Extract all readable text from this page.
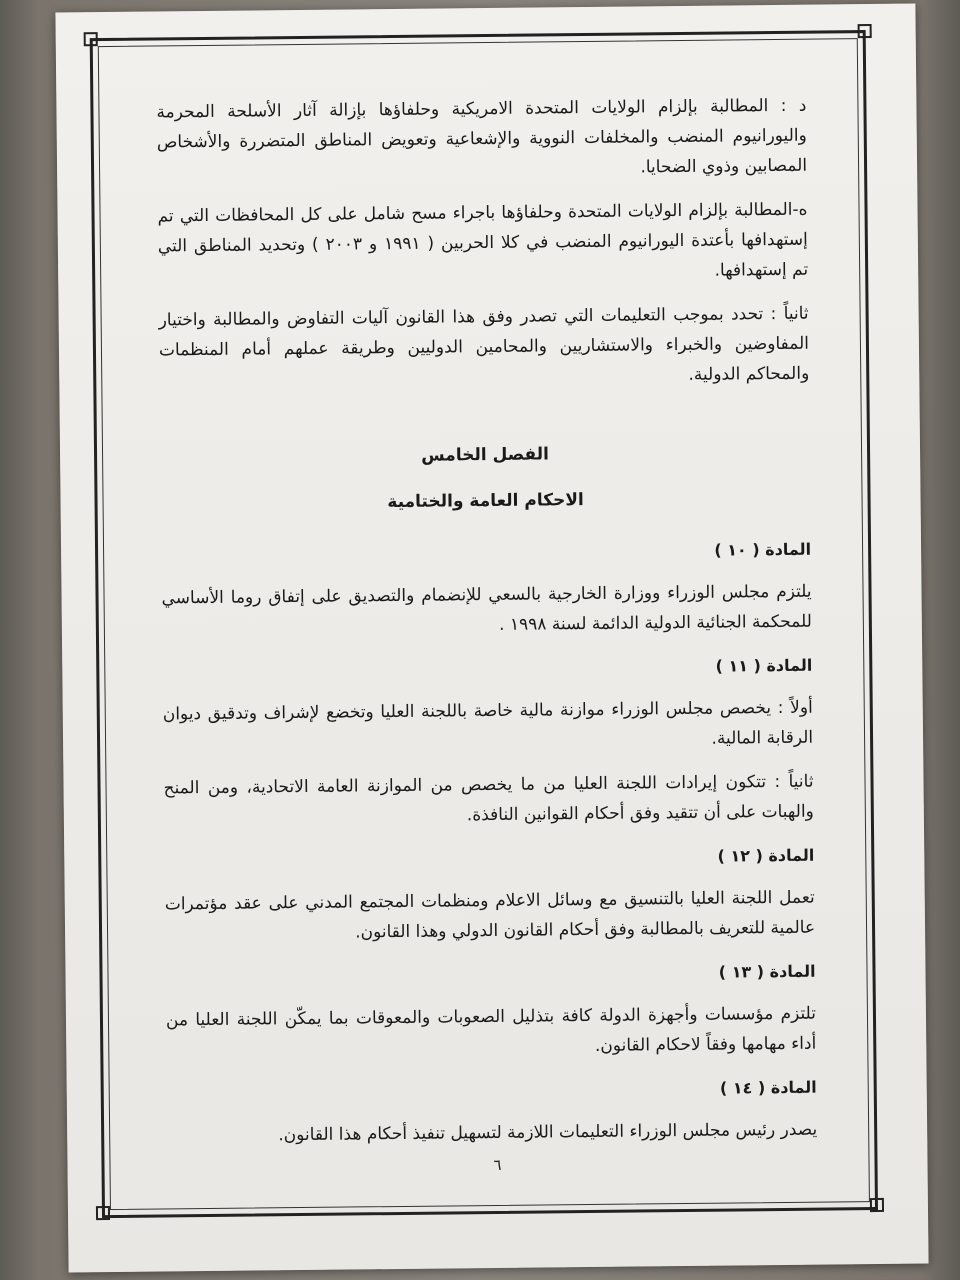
د : المطالبة بإلزام الولايات المتحدة الامريكية وحلفاؤها بإزالة آثار الأسلحة المحرمة واليورانيوم المنضب والمخلفات النووية والإشعاعية وتعويض المناطق المتضررة والأشخاص المصابين وذوي الضحايا.

ه-المطالبة بإلزام الولايات المتحدة وحلفاؤها باجراء مسح شامل على كل المحافظات التي تم إستهدافها بأعتدة اليورانيوم المنضب في كلا الحربين ( ١٩٩١ و ٢٠٠٣ ) وتحديد المناطق التي تم إستهدافها.

ثانياً : تحدد بموجب التعليمات التي تصدر وفق هذا القانون آليات التفاوض والمطالبة واختيار المفاوضين والخبراء والاستشاريين والمحامين الدوليين وطريقة عملهم أمام المنظمات والمحاكم الدولية.

الفصل الخامس

الاحكام العامة والختامية

المادة ( ١٠ )

يلتزم مجلس الوزراء ووزارة الخارجية بالسعي للإنضمام والتصديق على إتفاق روما الأساسي للمحكمة الجنائية الدولية الدائمة لسنة ١٩٩٨ .

المادة ( ١١ )

أولاً : يخصص مجلس الوزراء موازنة مالية خاصة باللجنة العليا وتخضع لإشراف وتدقيق ديوان الرقابة المالية.

ثانياً : تتكون إيرادات اللجنة العليا من ما يخصص من الموازنة العامة الاتحادية، ومن المنح والهبات على أن تتقيد وفق أحكام القوانين النافذة.

المادة ( ١٢ )

تعمل اللجنة العليا بالتنسيق مع وسائل الاعلام ومنظمات المجتمع المدني على عقد مؤتمرات عالمية للتعريف بالمطالبة وفق أحكام القانون الدولي وهذا القانون.

المادة ( ١٣ )

تلتزم مؤسسات وأجهزة الدولة كافة بتذليل الصعوبات والمعوقات بما يمكّن اللجنة العليا من أداء مهامها وفقاً لاحكام القانون.

المادة ( ١٤ )

يصدر رئيس مجلس الوزراء التعليمات اللازمة لتسهيل تنفيذ أحكام هذا القانون.

٦
